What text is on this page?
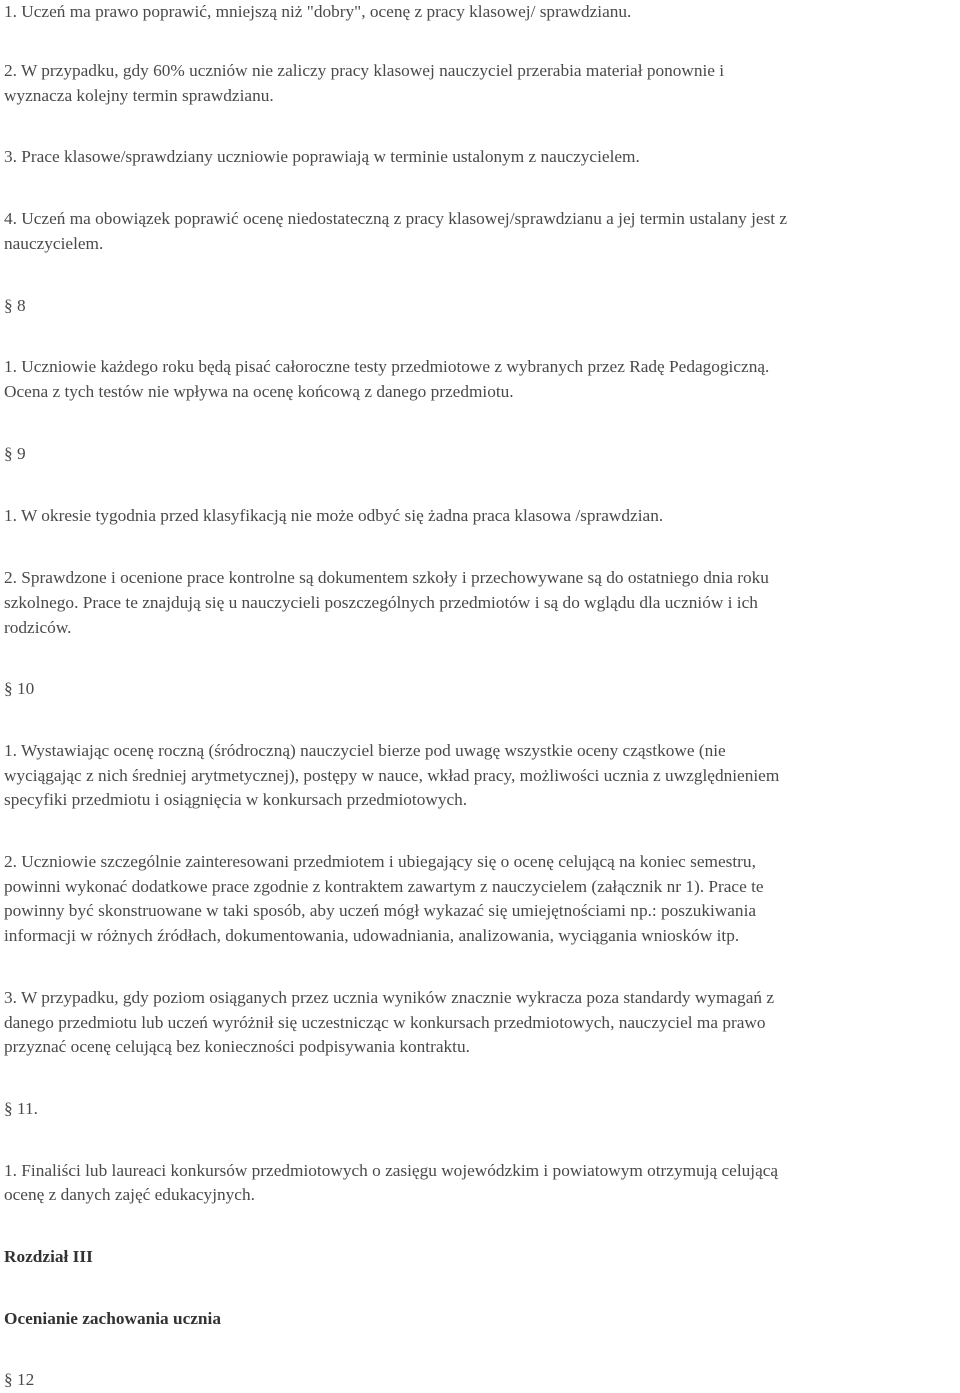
1. Uczeń ma prawo poprawić, mniejszą niż "dobry", ocenę z pracy klasowej/ sprawdzianu.
2. W przypadku, gdy 60% uczniów nie zaliczy pracy klasowej nauczyciel przerabia materiał ponownie i
wyznacza kolejny termin sprawdzianu.
3. Prace klasowe/sprawdziany uczniowie poprawiają w terminie ustalonym z nauczycielem.
4. Uczeń ma obowiązek poprawić ocenę niedostateczną z pracy klasowej/sprawdzianu a jej termin ustalany jest z
nauczycielem.
§ 8
1. Uczniowie każdego roku będą pisać całoroczne testy przedmiotowe z wybranych przez Radę Pedagogiczną.
Ocena z tych testów nie wpływa na ocenę końcową z danego przedmiotu.
§ 9
1. W okresie tygodnia przed klasyfikacją nie może odbyć się żadna praca klasowa /sprawdzian.
2. Sprawdzone i ocenione prace kontrolne są dokumentem szkoły i przechowywane są do ostatniego dnia roku
szkolnego. Prace te znajdują się u nauczycieli poszczególnych przedmiotów i są do wglądu dla uczniów i ich
rodziców.
§ 10
1. Wystawiając ocenę roczną (śródroczną) nauczyciel bierze pod uwagę wszystkie oceny cząstkowe (nie
wyciągając z nich średniej arytmetycznej), postępy w nauce, wkład pracy, możliwości ucznia z uwzględnieniem
specyfiki przedmiotu i osiągnięcia w konkursach przedmiotowych.
2. Uczniowie szczególnie zainteresowani przedmiotem i ubiegający się o ocenę celującą na koniec semestru,
powinni wykonać dodatkowe prace zgodnie z kontraktem zawartym z nauczycielem (załącznik nr 1). Prace te
powinny być skonstruowane w taki sposób, aby uczeń mógł wykazać się umiejętnościami np.: poszukiwania
informacji w różnych źródłach, dokumentowania, udowadniania, analizowania, wyciągania wniosków itp.
3. W przypadku, gdy poziom osiąganych przez ucznia wyników znacznie wykracza poza standardy wymagań z
danego przedmiotu lub uczeń wyróżnił się uczestnicząc w konkursach przedmiotowych, nauczyciel ma prawo
przyznać ocenę celującą bez konieczności podpisywania kontraktu.
§ 11.
1. Finaliści lub laureaci konkursów przedmiotowych o zasięgu wojewódzkim i powiatowym otrzymują celującą
ocenę z danych zajęć edukacyjnych.
Rozdział III
Ocenianie zachowania ucznia
§ 12
